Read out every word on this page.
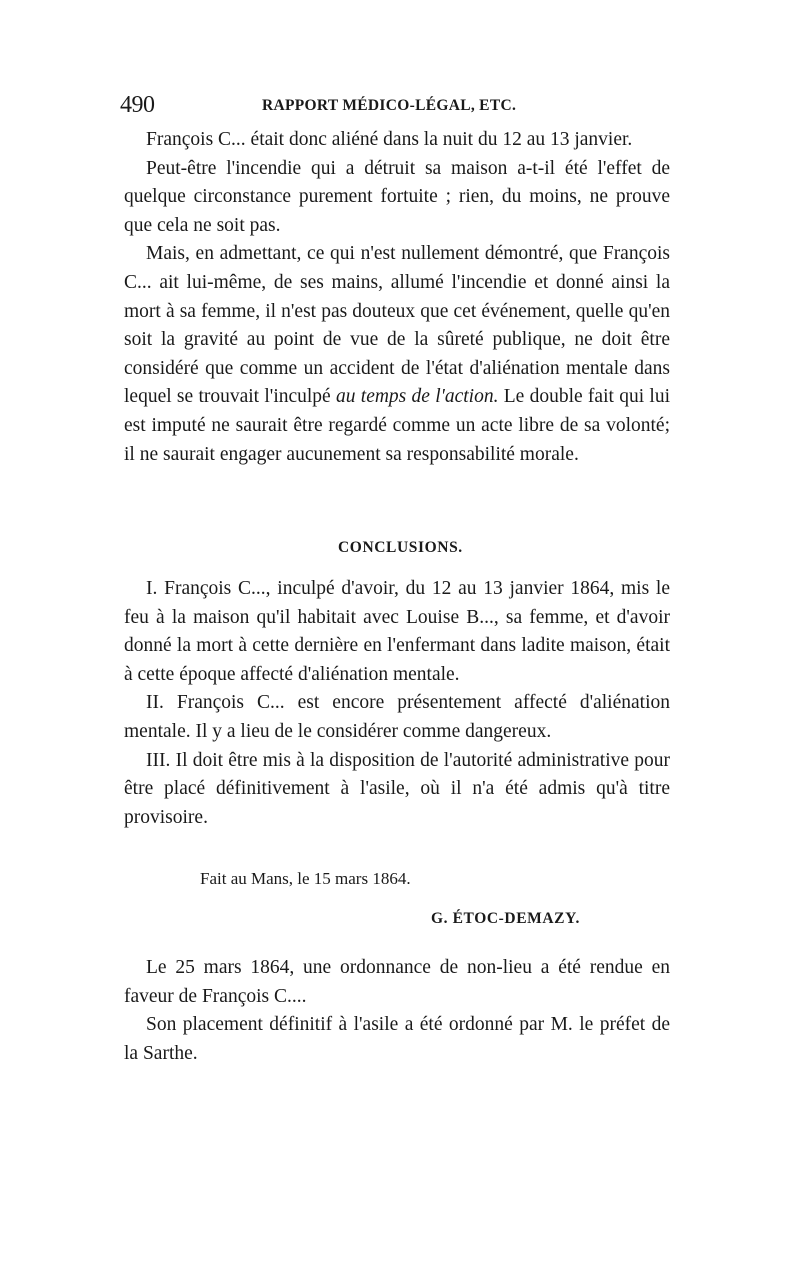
490	RAPPORT MÉDICO-LÉGAL, ETC.

François C... était donc aliéné dans la nuit du 12 au 13 janvier.

Peut-être l'incendie qui a détruit sa maison a-t-il été l'effet de quelque circonstance purement fortuite ; rien, du moins, ne prouve que cela ne soit pas.

Mais, en admettant, ce qui n'est nullement démontré, que François C... ait lui-même, de ses mains, allumé l'incendie et donné ainsi la mort à sa femme, il n'est pas douteux que cet événement, quelle qu'en soit la gravité au point de vue de la sûreté publique, ne doit être considéré que comme un accident de l'état d'aliénation mentale dans lequel se trouvait l'inculpé au temps de l'action. Le double fait qui lui est imputé ne saurait être regardé comme un acte libre de sa volonté; il ne saurait engager aucunement sa responsabilité morale.

CONCLUSIONS.

I. François C..., inculpé d'avoir, du 12 au 13 janvier 1864, mis le feu à la maison qu'il habitait avec Louise B..., sa femme, et d'avoir donné la mort à cette dernière en l'enfermant dans ladite maison, était à cette époque affecté d'aliénation mentale.

II. François C... est encore présentement affecté d'aliénation mentale. Il y a lieu de le considérer comme dangereux.

III. Il doit être mis à la disposition de l'autorité administrative pour être placé définitivement à l'asile, où il n'a été admis qu'à titre provisoire.

Fait au Mans, le 15 mars 1864.
G. ÉTOC-DEMAZY.

Le 25 mars 1864, une ordonnance de non-lieu a été rendue en faveur de François C....

Son placement définitif à l'asile a été ordonné par M. le préfet de la Sarthe.
